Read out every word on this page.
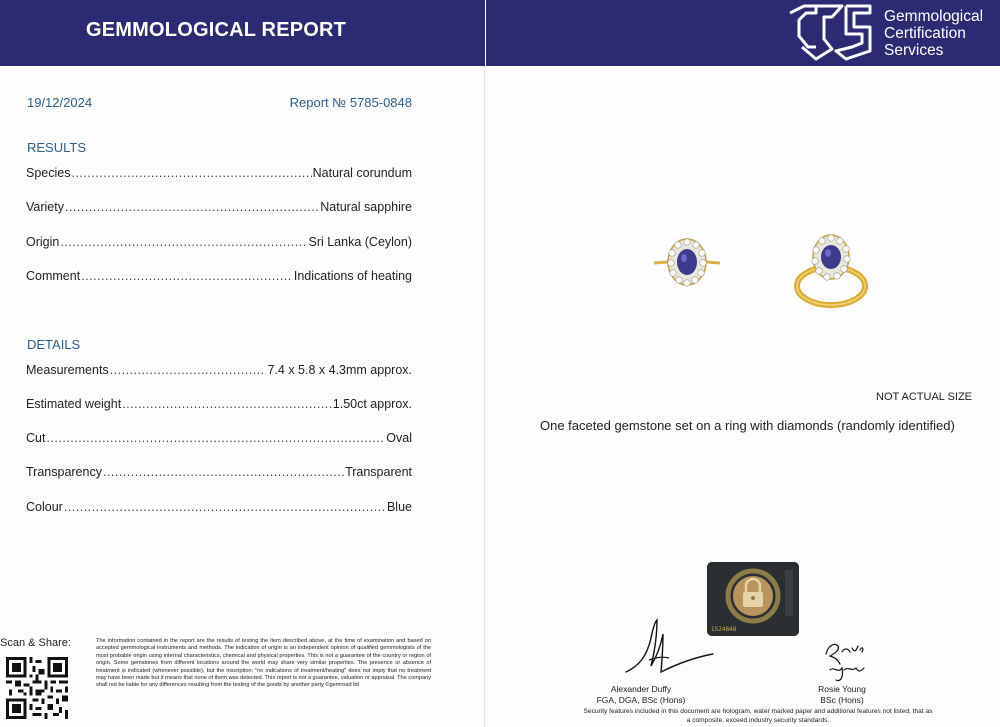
GEMMOLOGICAL REPORT
19/12/2024	Report № 5785-0848
RESULTS
Species .....	Natural corundum
Variety .....	Natural sapphire
Origin .....	Sri Lanka (Ceylon)
Comment .....	Indications of heating
DETAILS
Measurements .....	7.4 x 5.8 x 4.3mm approx.
Estimated weight .....	1.50ct approx.
Cut .....	Oval
Transparency .....	Transparent
Colour .....	Blue
Scan & Share:	The information contained in the report are the results of testing the item described above, at the time of examination and based on accepted gemmological instruments and methods. The indication of origin is an independent opinion of qualified gemmologists of the most probable origin using internal characteristics, chemical and physical properties. This is not a guarantee of the country or region of origin. Some gemstones from different locations around the world may share very similar properties. The presence or absence of treatment is indicated (whenever possible), but the inscription: "no indications of treatment/heating" does not imply that no treatment may have been made but it means that none of them was detected. This report is not a guarantee, valuation or appraisal. The company shall not be liable for any differences resulting from the testing of the goods by another party ©gemroad ltd
Gemmological
Certification
Services
NOT ACTUAL SIZE
One faceted gemstone set on a ring with diamonds (randomly identified)
1524848
Alexander Duffy
FGA, DGA, BSc (Hons)
Rosie Young
BSc (Hons)
Security features included in this document are hologram, water marked paper and additional features not listed, that as a composite, exceed industry security standards.
